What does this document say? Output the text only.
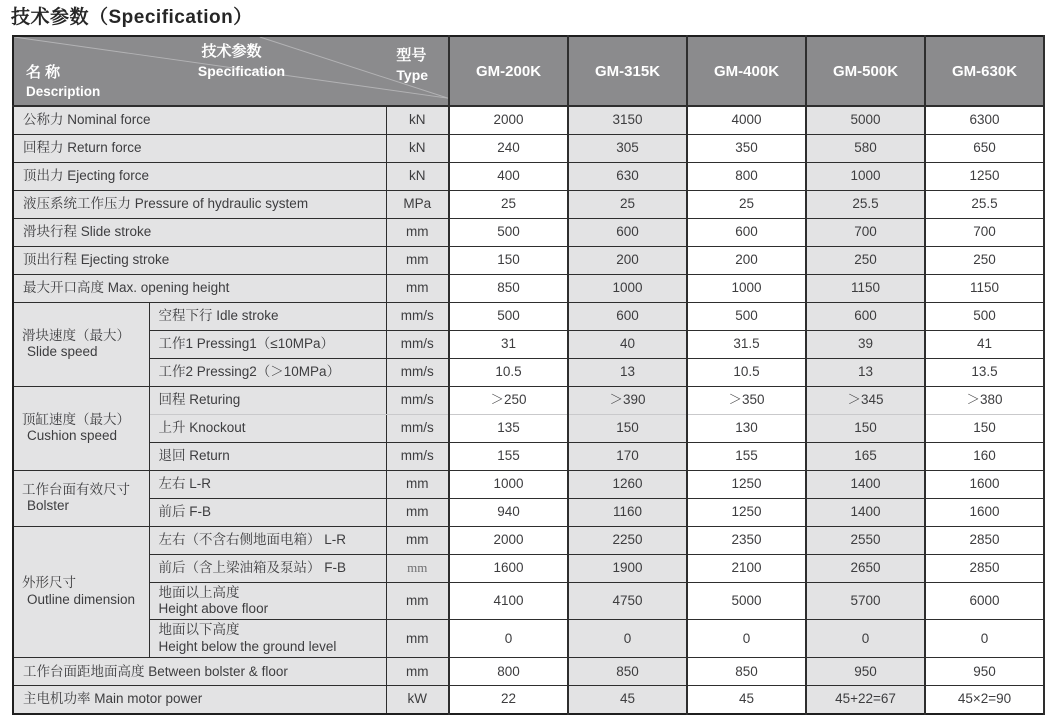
技术参数（Specification）
技术参数
Specification
名 称
Description
型号
Type	GM-200K	GM-315K	GM-400K	GM-500K	GM-630K
公称力 Nominal force		kN	2000	3150	4000	5000	6300
回程力 Return force		kN	240	305	350	580	650
顶出力 Ejecting force		kN	400	630	800	1000	1250
液压系统工作压力 Pressure of hydraulic system		MPa	25	25	25	25.5	25.5
滑块行程 Slide stroke		mm	500	600	600	700	700
顶出行程 Ejecting stroke		mm	150	200	200	250	250
最大开口高度 Max. opening height		mm	850	1000	1000	1150	1150
滑块速度（最大）
Slide speed	空程下行 Idle stroke	mm/s	500	600	500	600	500
	工作1 Pressing1（≤10MPa）	mm/s	31	40	31.5	39	41
	工作2 Pressing2（＞10MPa）	mm/s	10.5	13	10.5	13	13.5
顶缸速度（最大）
Cushion speed	回程 Returing	mm/s	＞250	＞390	＞350	＞345	＞380
	上升 Knockout	mm/s	135	150	130	150	150
	退回 Return	mm/s	155	170	155	165	160
工作台面有效尺寸
Bolster	左右 L-R	mm	1000	1260	1250	1400	1600
	前后 F-B	mm	940	1160	1250	1400	1600
外形尺寸
Outline dimension	左右（不含右侧地面电箱） L-R	mm	2000	2250	2350	2550	2850
	前后（含上梁油箱及泵站） F-B	mm	1600	1900	2100	2650	2850
	地面以上高度
Height above floor	mm	4100	4750	5000	5700	6000
	地面以下高度
Height below the ground level	mm	0	0	0	0	0
工作台面距地面高度 Between bolster & floor		mm	800	850	850	950	950
主电机功率 Main motor power		kW	22	45	45	45+22=67	45×2=90
